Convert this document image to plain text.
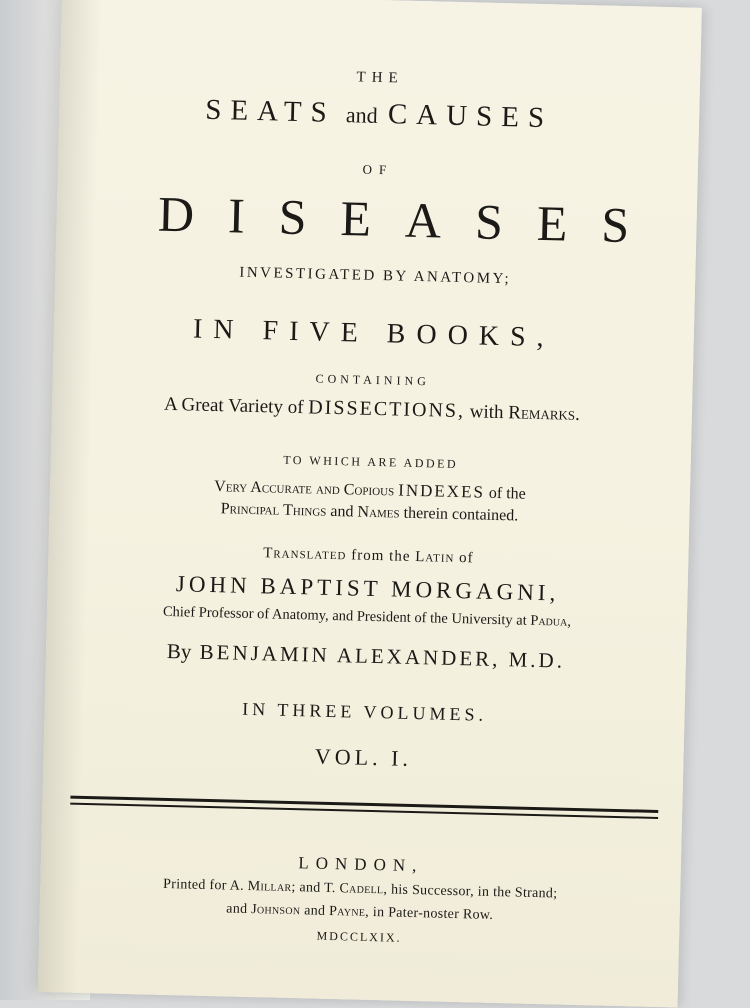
THE
SEATS and CAUSES
OF
DISEASES
INVESTIGATED BY ANATOMY;
IN FIVE BOOKS,
CONTAINING
A Great Variety of DISSECTIONS, with Remarks.
TO WHICH ARE ADDED
Very Accurate and Copious INDEXES of the
Principal Things and Names therein contained.
Translated from the Latin of
JOHN BAPTIST MORGAGNI,
Chief Professor of Anatomy, and President of the University at Padua,
By BENJAMIN ALEXANDER, M.D.
IN THREE VOLUMES.
VOL. I.
LONDON,
Printed for A. Millar; and T. Cadell, his Successor, in the Strand;
and Johnson and Payne, in Pater-noster Row.
MDCCLXIX.
